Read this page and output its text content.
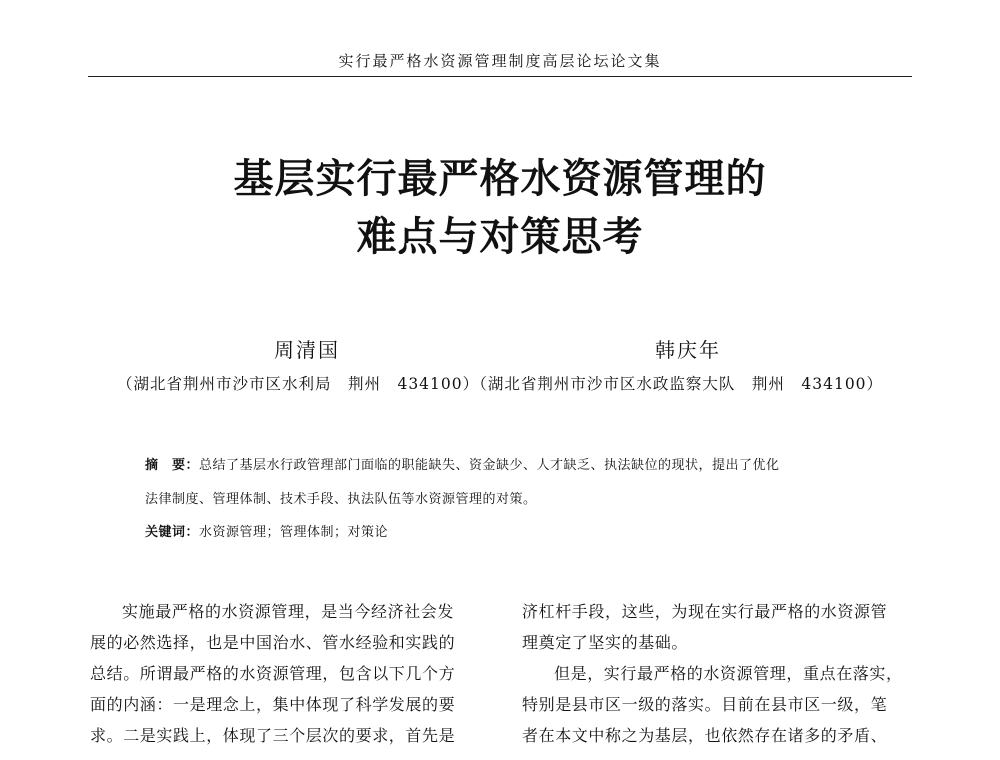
实行最严格水资源管理制度高层论坛论文集
基层实行最严格水资源管理的
难点与对策思考
周清国	韩庆年
（湖北省荆州市沙市区水利局　荆州　434100）（湖北省荆州市沙市区水政监察大队　荆州　434100）

摘　要：总结了基层水行政管理部门面临的职能缺失、资金缺少、人才缺乏、执法缺位的现状，提出了优化

法律制度、管理体制、技术手段、执法队伍等水资源管理的对策。

关键词：水资源管理；管理体制；对策论
实施最严格的水资源管理，是当今经济社会发
展的必然选择，也是中国治水、管水经验和实践的
总结。所谓最严格的水资源管理，包含以下几个方
面的内涵：一是理念上，集中体现了科学发展的要
求。二是实践上，体现了三个层次的要求，首先是
济杠杆手段，这些，为现在实行最严格的水资源管
理奠定了坚实的基础。
但是，实行最严格的水资源管理，重点在落实，
特别是县市区一级的落实。目前在县市区一级，笔
者在本文中称之为基层，也依然存在诸多的矛盾、
